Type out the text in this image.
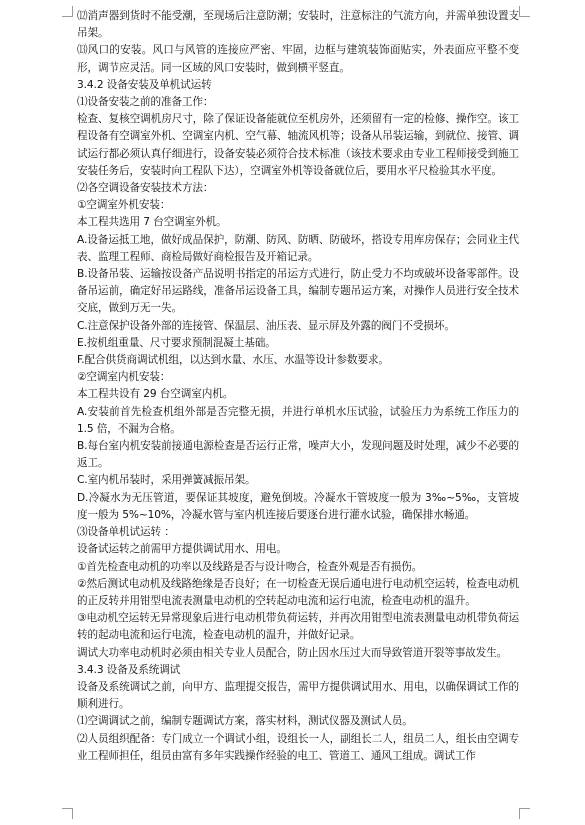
⑿消声器到货时不能受潮，至现场后注意防潮；安装时，注意标注的气流方向，并需单独设置支吊架。

⒀风口的安装。风口与风管的连接应严密、牢固，边框与建筑装饰面贴实，外表面应平整不变形，调节应灵活。同一区域的风口安装时，做到横平竖直。

3.4.2 设备安装及单机试运转

⑴设备安装之前的准备工作：

检查、复核空调机房尺寸，除了保证设备能就位至机房外，还须留有一定的检修、操作空。该工程设备有空调室外机、空调室内机、空气幕、轴流风机等；设备从吊装运输，到就位、接管、调试运行都必须认真仔细进行，设备安装必须符合技术标准（该技术要求由专业工程师接受到施工安装任务后，安装时向工程队下达），空调室外机等设备就位后，要用水平尺检验其水平度。

⑵各空调设备安装技术方法：

①空调室外机安装：

本工程共选用 7 台空调室外机。

A.设备运抵工地，做好成品保护，防潮、防风、防晒、防破坏，搭设专用库房保存；会同业主代表、监理工程师、商检局做好商检报告及开箱记录。

B.设备吊装、运输按设备产品说明书指定的吊运方式进行，防止受力不均或破坏设备零部件。设备吊运前，确定好吊运路线，准备吊运设备工具，编制专题吊运方案，对操作人员进行安全技术交底，做到万无一失。

C.注意保护设备外部的连接管、保温层、油压表、显示屏及外露的阀门不受损坏。

E.按机组重量、尺寸要求预制混凝土基础。

F.配合供货商调试机组，以达到水量、水压、水温等设计参数要求。

②空调室内机安装：

本工程共设有 29 台空调室内机。

A.安装前首先检查机组外部是否完整无损，并进行单机水压试验，试验压力为系统工作压力的 1.5 倍，不漏为合格。

B.每台室内机安装前接通电源检查是否运行正常，噪声大小，发现问题及时处理，减少不必要的返工。

C.室内机吊装时，采用弹簧减振吊架。

D.冷凝水为无压管道，要保证其坡度，避免倒坡。冷凝水干管坡度一般为 3‰~5‰，支管坡度一般为 5%~10%，冷凝水管与室内机连接后要逐台进行灌水试验，确保排水畅通。

⑶设备单机试运转 ：

设备试运转之前需甲方提供调试用水、用电。

①首先检查电动机的功率以及线路是否与设计吻合，检查外观是否有损伤。

②然后测试电动机及线路绝缘是否良好；在一切检查无误后通电进行电动机空运转，检查电动机的正反转并用钳型电流表测量电动机的空转起动电流和运行电流，检查电动机的温升。

③电动机空运转无异常现象后进行电动机带负荷运转，并再次用钳型电流表测量电动机带负荷运转的起动电流和运行电流，检查电动机的温升，并做好记录。

调试大功率电动机时必须由相关专业人员配合，防止因水压过大而导致管道开裂等事故发生。

3.4.3 设备及系统调试

设备及系统调试之前，向甲方、监理提交报告，需甲方提供调试用水、用电，以确保调试工作的顺利进行。

⑴空调调试之前，编制专题调试方案，落实材料，测试仪器及测试人员。

⑵人员组织配备：专门成立一个调试小组，设组长一人，副组长二人，组员二人，组长由空调专业工程师担任，组员由富有多年实践操作经验的电工、管道工、通风工组成。调试工作
